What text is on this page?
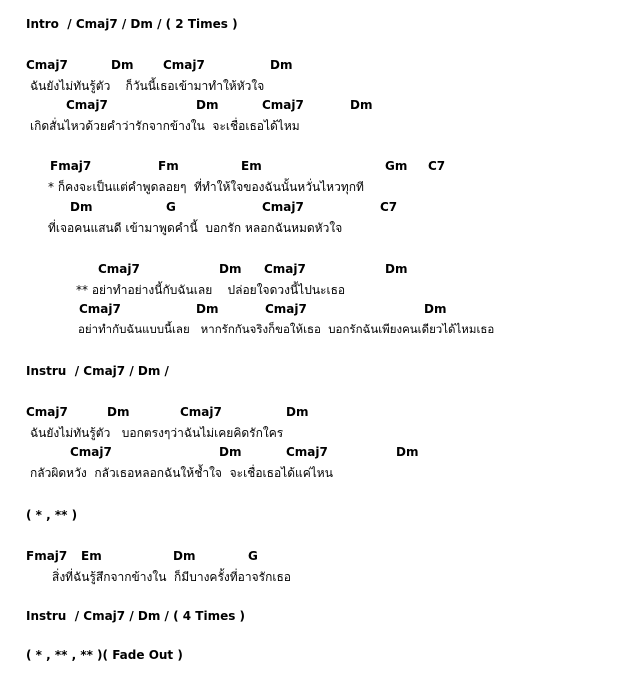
Intro  / Cmaj7 / Dm / ( 2 Times )
Cmaj7	Dm Cmaj7	Dm
ฉันยังไม่ทันรู้ตัว    ก็วันนี้เธอเข้ามาทำให้หัวใจ
Cmaj7	Dm	Cmaj7	Dm
เกิดสั่นไหวด้วยคำว่ารักจากข้างใน  จะเชื่อเธอได้ไหม
Fmaj7	Fm	Em	Gm C7
* ก็คงจะเป็นแต่คำพูดลอยๆ  ที่ทำให้ใจของฉันนั้นหวั่นไหวทุกที
Dm	G	Cmaj7	C7
ที่เจอคนแสนดี เข้ามาพูดคำนี้  บอกรัก หลอกฉันหมดหัวใจ
Cmaj7	Dm Cmaj7	Dm
** อย่าทำอย่างนี้กับฉันเลย    ปล่อยใจดวงนี้ไปนะเธอ
Cmaj7	Dm	Cmaj7	Dm
อย่าทำกับฉันแบบนี้เลย   หากรักกันจริงก็ขอให้เธอ  บอกรักฉันเพียงคนเดียวได้ไหมเธอ
Instru  / Cmaj7 / Dm /
Cmaj7	Dm	Cmaj7	Dm
ฉันยังไม่ทันรู้ตัว   บอกตรงๆว่าฉันไม่เคยคิดรักใคร
Cmaj7	Dm	Cmaj7	Dm
กลัวผิดหวัง  กลัวเธอหลอกฉันให้ช้ำใจ  จะเชื่อเธอได้แค่ไหน
( * , ** )
Fmaj7 Em	Dm	G
สิ่งที่ฉันรู้สึกจากข้างใน  ก็มีบางครั้งที่อาจรักเธอ
Instru  / Cmaj7 / Dm / ( 4 Times )
( * , ** , ** )( Fade Out )
